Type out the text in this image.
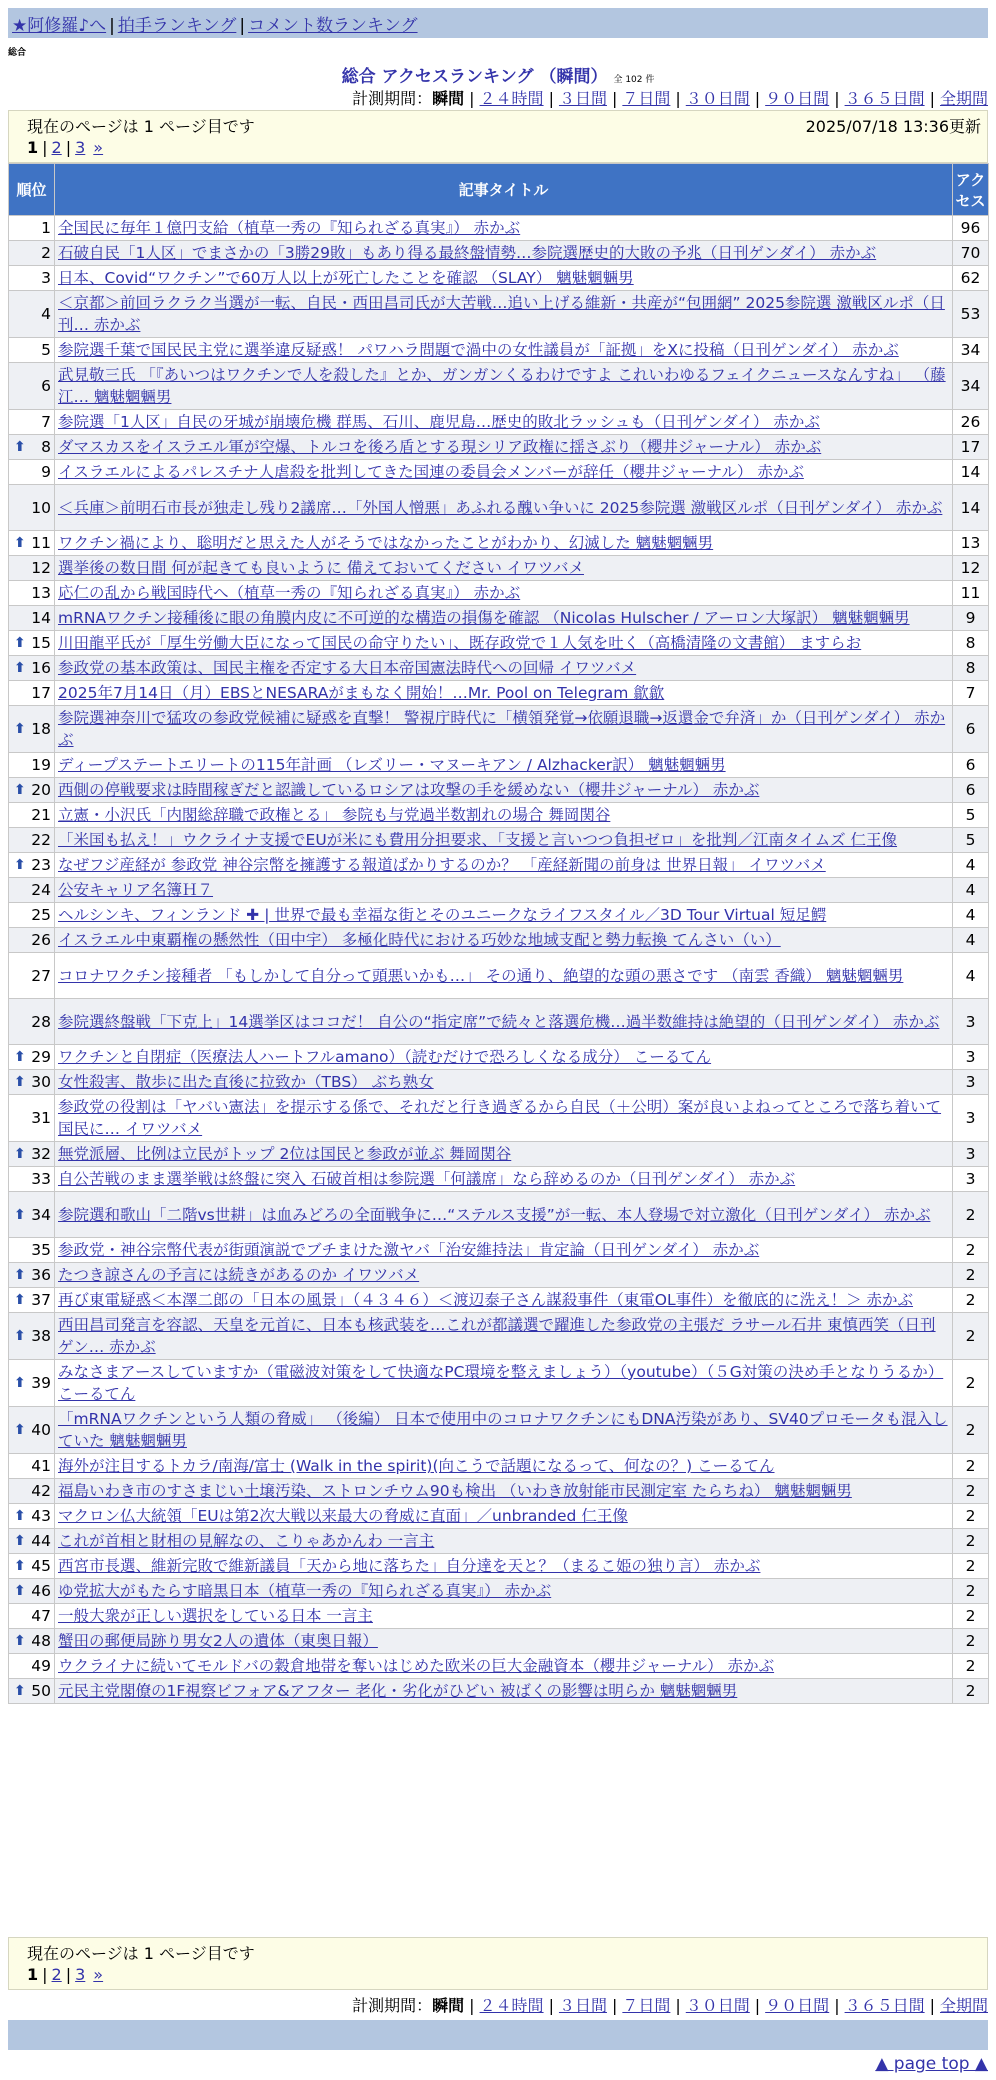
★阿修羅♪へ | 拍手ランキング | コメント数ランキング
総合
総合 アクセスランキング （瞬間） 全 102 件
計測期間：瞬間 | ２４時間 | ３日間 | ７日間 | ３０日間 | ９０日間 | ３６５日間 | 全期間
現在のページは 1 ページ目です	2025/07/18 13:36更新
1 | 2 | 3 »
順位	記事タイトル	アクセス
1	全国民に毎年１億円支給（植草一秀の『知られざる真実』） 赤かぶ	96
2	石破自民「1人区」でまさかの「3勝29敗」もあり得る最終盤情勢…参院選歴史的大敗の予兆（日刊ゲンダイ） 赤かぶ	70
3	日本、Covid“ワクチン”で60万人以上が死亡したことを確認 （SLAY） 魑魅魍魎男	62
4	＜京都＞前回ラクラク当選が一転、自民・西田昌司氏が大苦戦…追い上げる維新・共産が“包囲網” 2025参院選 激戦区ルポ（日刊… 赤かぶ	53
5	参院選千葉で国民民主党に選挙違反疑惑！ パワハラ問題で渦中の女性議員が「証拠」をXに投稿（日刊ゲンダイ） 赤かぶ	34
6	武見敬三氏 「『あいつはワクチンで人を殺した』とか、ガンガンくるわけですよ これいわゆるフェイクニュースなんすね」 （藤江… 魑魅魍魎男	34
7	参院選「1人区」自民の牙城が崩壊危機 群馬、石川、鹿児島…歴史的敗北ラッシュも（日刊ゲンダイ） 赤かぶ	26

⬆ 8	ダマスカスをイスラエル軍が空爆、トルコを後ろ盾とする現シリア政権に揺さぶり（櫻井ジャーナル） 赤かぶ	17
9	イスラエルによるパレスチナ人虐殺を批判してきた国連の委員会メンバーが辞任（櫻井ジャーナル） 赤かぶ	14
10	＜兵庫＞前明石市長が独走し残り2議席…「外国人憎悪」あふれる醜い争いに 2025参院選 激戦区ルポ（日刊ゲンダイ） 赤かぶ	14

⬆ 11	ワクチン禍により、聡明だと思えた人がそうではなかったことがわかり、幻滅した 魑魅魍魎男	13
12	選挙後の数日間 何が起きても良いように 備えておいてください イワツバメ	12
13	応仁の乱から戦国時代へ（植草一秀の『知られざる真実』） 赤かぶ	11
14	mRNAワクチン接種後に眼の角膜内皮に不可逆的な構造の損傷を確認 （Nicolas Hulscher / アーロン大塚訳） 魑魅魍魎男	9

⬆ 15	川田龍平氏が「厚生労働大臣になって国民の命守りたい」、既存政党で１人気を吐く（高橋清隆の文書館） ますらお	8

⬆ 16	参政党の基本政策は、国民主権を否定する大日本帝国憲法時代への回帰 イワツバメ	8
17	2025年7月14日（月）EBSとNESARAがまもなく開始！…Mr. Pool on Telegram 歙歙	7

⬆ 18	参院選神奈川で猛攻の参政党候補に疑惑を直撃！ 警視庁時代に「横領発覚→依願退職→返還金で弁済」か（日刊ゲンダイ） 赤かぶ	6
19	ディープステートエリートの115年計画 （レズリー・マヌーキアン / Alzhacker訳） 魑魅魍魎男	6

⬆ 20	西側の停戦要求は時間稼ぎだと認識しているロシアは攻撃の手を緩めない（櫻井ジャーナル） 赤かぶ	6
21	立憲・小沢氏「内閣総辞職で政権とる」 参院も与党過半数割れの場合 舞岡関谷	5
22	「米国も払え！」ウクライナ支援でEUが米にも費用分担要求、「支援と言いつつ負担ゼロ」を批判／江南タイムズ 仁王像	5

⬆ 23	なぜフジ産経が 参政党 神谷宗幣を擁護する報道ばかりするのか？ 「産経新聞の前身は 世界日報」 イワツバメ	4
24	公安キャリア名簿Ｈ７	4
25	ヘルシンキ、フィンランド ✚ | 世界で最も幸福な街とそのユニークなライフスタイル／3D Tour Virtual 短足鰐	4
26	イスラエル中東覇権の懸然性（田中宇） 多極化時代における巧妙な地域支配と勢力転換 てんさい（い）	4
27	コロナワクチン接種者 「もしかして自分って頭悪いかも…」 その通り、絶望的な頭の悪さです （南雲 香織） 魑魅魍魎男	4
28	参院選終盤戦「下克上」14選挙区はココだ！ 自公の“指定席”で続々と落選危機…過半数維持は絶望的（日刊ゲンダイ） 赤かぶ	3

⬆ 29	ワクチンと自閉症（医療法人ハートフルamano）（読むだけで恐ろしくなる成分） こーるてん	3

⬆ 30	女性殺害、散歩に出た直後に拉致か（TBS） ぶち熟女	3
31	参政党の役割は「ヤバい憲法」を提示する係で、それだと行き過ぎるから自民（＋公明）案が良いよねってところで落ち着いて国民に… イワツバメ	3

⬆ 32	無党派層、比例は立民がトップ 2位は国民と参政が並ぶ 舞岡関谷	3
33	自公苦戦のまま選挙戦は終盤に突入 石破首相は参院選「何議席」なら辞めるのか（日刊ゲンダイ） 赤かぶ	3

⬆ 34	参院選和歌山「二階vs世耕」は血みどろの全面戦争に…“ステルス支援”が一転、本人登場で対立激化（日刊ゲンダイ） 赤かぶ	2
35	参政党・神谷宗幣代表が街頭演説でブチまけた激ヤバ「治安維持法」肯定論（日刊ゲンダイ） 赤かぶ	2

⬆ 36	たつき諒さんの予言には続きがあるのか イワツバメ	2

⬆ 37	再び東電疑惑＜本澤二郎の「日本の風景」（４３４６）＜渡辺泰子さん謀殺事件（東電OL事件）を徹底的に洗え！＞ 赤かぶ	2

⬆ 38	西田昌司発言を容認、天皇を元首に、日本も核武装を…これが都議選で躍進した参政党の主張だ ラサール石井 東慎西笑（日刊ゲン… 赤かぶ	2

⬆ 39	みなさまアースしていますか（電磁波対策をして快適なPC環境を整えましょう）（youtube）（５G対策の決め手となりうるか） こーるてん	2

⬆ 40	「mRNAワクチンという人類の脅威」 （後編） 日本で使用中のコロナワクチンにもDNA汚染があり、SV40プロモータも混入していた 魑魅魍魎男	2
41	海外が注目するトカラ/南海/富士 (Walk in the spirit)(向こうで話題になるって、何なの？) こーるてん	2
42	福島いわき市のすさまじい土壌汚染、ストロンチウム90も検出 （いわき放射能市民測定室 たらちね） 魑魅魍魎男	2

⬆ 43	マクロン仏大統領「EUは第2次大戦以来最大の脅威に直面」／unbranded 仁王像	2

⬆ 44	これが首相と財相の見解なの、こりゃあかんわ 一言主	2

⬆ 45	西宮市長選、維新完敗で維新議員「天から地に落ちた」自分達を天と？（まるこ姫の独り言） 赤かぶ	2

⬆ 46	ゆ党拡大がもたらす暗黒日本（植草一秀の『知られざる真実』） 赤かぶ	2
47	一般大衆が正しい選択をしている日本 一言主	2

⬆ 48	蟹田の郵便局跡り男女2人の遺体（東奥日報）	2
49	ウクライナに続いてモルドバの穀倉地帯を奪いはじめた欧米の巨大金融資本（櫻井ジャーナル） 赤かぶ	2

⬆ 50	元民主党閣僚の1F視察ビフォア&アフター 老化・劣化がひどい 被ばくの影響は明らか 魑魅魍魎男	2
現在のページは 1 ページ目です
1 | 2 | 3 »
計測期間：瞬間 | ２４時間 | ３日間 | ７日間 | ３０日間 | ９０日間 | ３６５日間 | 全期間
▲ page top ▲
